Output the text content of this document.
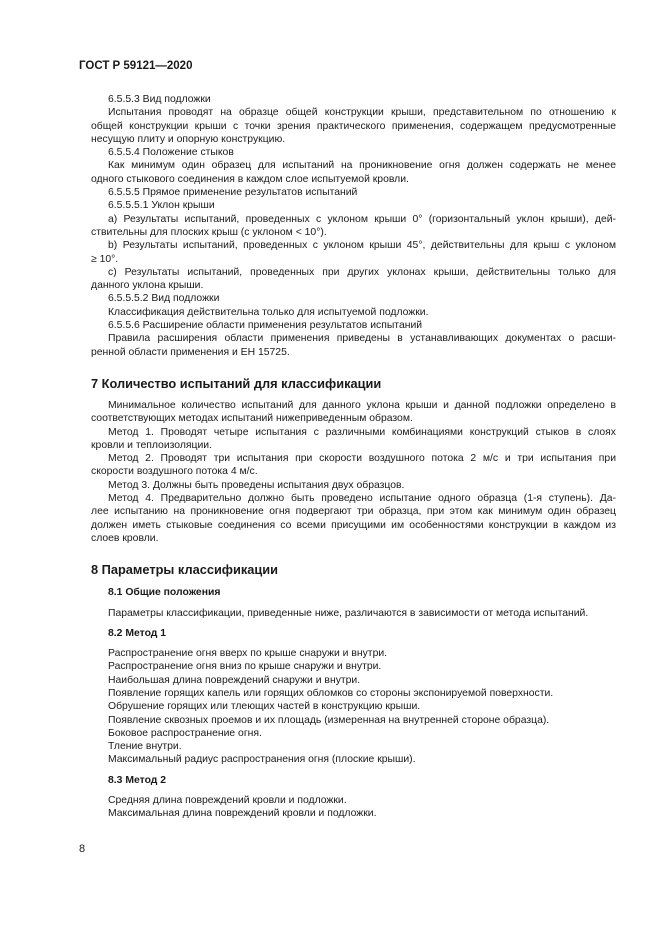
ГОСТ Р 59121—2020
6.5.5.3 Вид подложки
Испытания проводят на образце общей конструкции крыши, представительном по отношению к
общей конструкции крыши с точки зрения практического применения, содержащем предусмотренные
несущую плиту и опорную конструкцию.
6.5.5.4 Положение стыков
Как минимум один образец для испытаний на проникновение огня должен содержать не менее
одного стыкового соединения в каждом слое испытуемой кровли.
6.5.5.5 Прямое применение результатов испытаний
6.5.5.5.1 Уклон крыши
а) Результаты испытаний, проведенных с уклоном крыши 0° (горизонтальный уклон крыши), дей-
ствительны для плоских крыш (с уклоном < 10°).
b) Результаты испытаний, проведенных с уклоном крыши 45°, действительны для крыш с уклоном
≥ 10°.
с) Результаты испытаний, проведенных при других уклонах крыши, действительны только для
данного уклона крыши.
6.5.5.5.2 Вид подложки
Классификация действительна только для испытуемой подложки.
6.5.5.6 Расширение области применения результатов испытаний
Правила расширения области применения приведены в устанавливающих документах о расши-
ренной области применения и ЕН 15725.
7 Количество испытаний для классификации
Минимальное количество испытаний для данного уклона крыши и данной подложки определено в
соответствующих методах испытаний нижеприведенным образом.
Метод 1. Проводят четыре испытания с различными комбинациями конструкций стыков в слоях
кровли и теплоизоляции.
Метод 2. Проводят три испытания при скорости воздушного потока 2 м/с и три испытания при
скорости воздушного потока 4 м/с.
Метод 3. Должны быть проведены испытания двух образцов.
Метод 4. Предварительно должно быть проведено испытание одного образца (1-я ступень). Да-
лее испытанию на проникновение огня подвергают три образца, при этом как минимум один образец
должен иметь стыковые соединения со всеми присущими им особенностями конструкции в каждом из
слоев кровли.
8 Параметры классификации
8.1 Общие положения
Параметры классификации, приведенные ниже, различаются в зависимости от метода испытаний.
8.2 Метод 1
Распространение огня вверх по крыше снаружи и внутри.
Распространение огня вниз по крыше снаружи и внутри.
Наибольшая длина повреждений снаружи и внутри.
Появление горящих капель или горящих обломков со стороны экспонируемой поверхности.
Обрушение горящих или тлеющих частей в конструкцию крыши.
Появление сквозных проемов и их площадь (измеренная на внутренней стороне образца).
Боковое распространение огня.
Тление внутри.
Максимальный радиус распространения огня (плоские крыши).
8.3 Метод 2
Средняя длина повреждений кровли и подложки.
Максимальная длина повреждений кровли и подложки.
8
